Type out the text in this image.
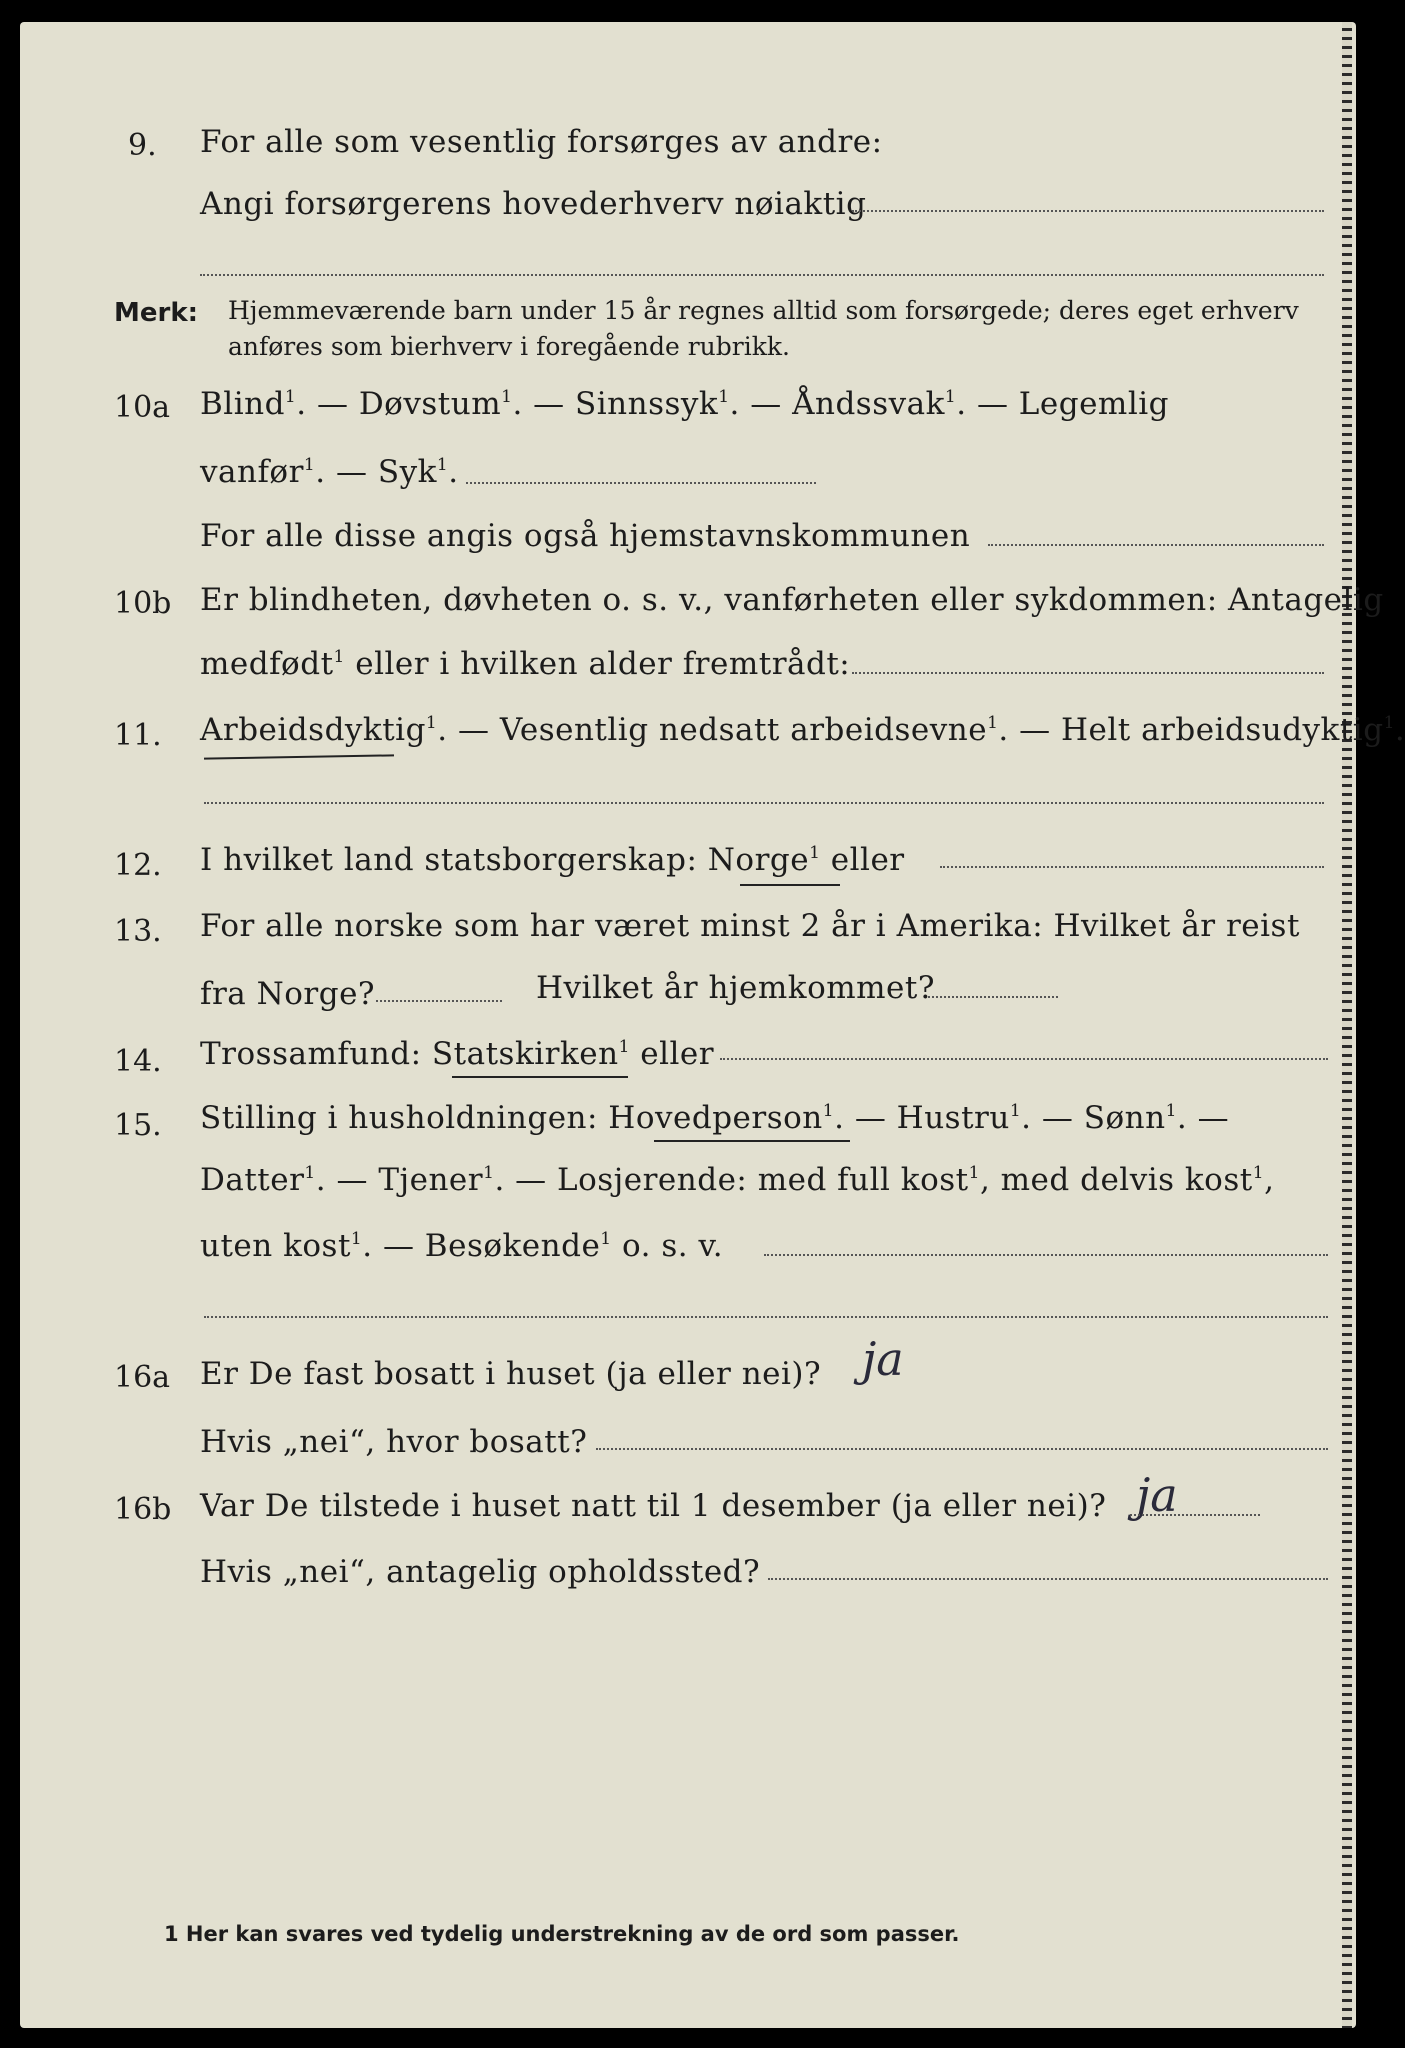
9. For alle som vesentlig forsørges av andre:
Angi forsørgerens hovederhverv nøiaktig
Merk: Hjemmeværende barn under 15 år regnes alltid som forsørgede; deres eget erhverv
anføres som bierhverv i foregående rubrikk.
10a Blind$^1$. — Døvstum$^1$. — Sinnssyk$^1$. — Åndssvak$^1$. — Legemlig
vanfør$^1$. — Syk$^1$.
For alle disse angis også hjemstavnskommunen
10b Er blindheten, døvheten o. s. v., vanførheten eller sykdommen: Antagelig
medfødt$^1$ eller i hvilken alder fremtrådt:
11. Arbeidsdyktig$^1$. — Vesentlig nedsatt arbeidsevne$^1$. — Helt arbeidsudyktig$^1$.
12. I hvilket land statsborgerskap: Norge$^1$ eller
13. For alle norske som har været minst 2 år i Amerika: Hvilket år reist
fra Norge?	Hvilket år hjemkommet?
14. Trossamfund: Statskirken$^1$ eller
15. Stilling i husholdningen: Hovedperson$^1$. — Hustru$^1$. — Sønn$^1$. —
Datter$^1$. — Tjener$^1$. — Losjerende: med full kost$^1$, med delvis kost$^1$,
uten kost$^1$. — Besøkende$^1$ o. s. v.
16a Er De fast bosatt i huset (ja eller nei)? ja
Hvis „nei“, hvor bosatt?
16b Var De tilstede i huset natt til 1 desember (ja eller nei)? ja
Hvis „nei“, antagelig opholdssted?
1 Her kan svares ved tydelig understrekning av de ord som passer.
